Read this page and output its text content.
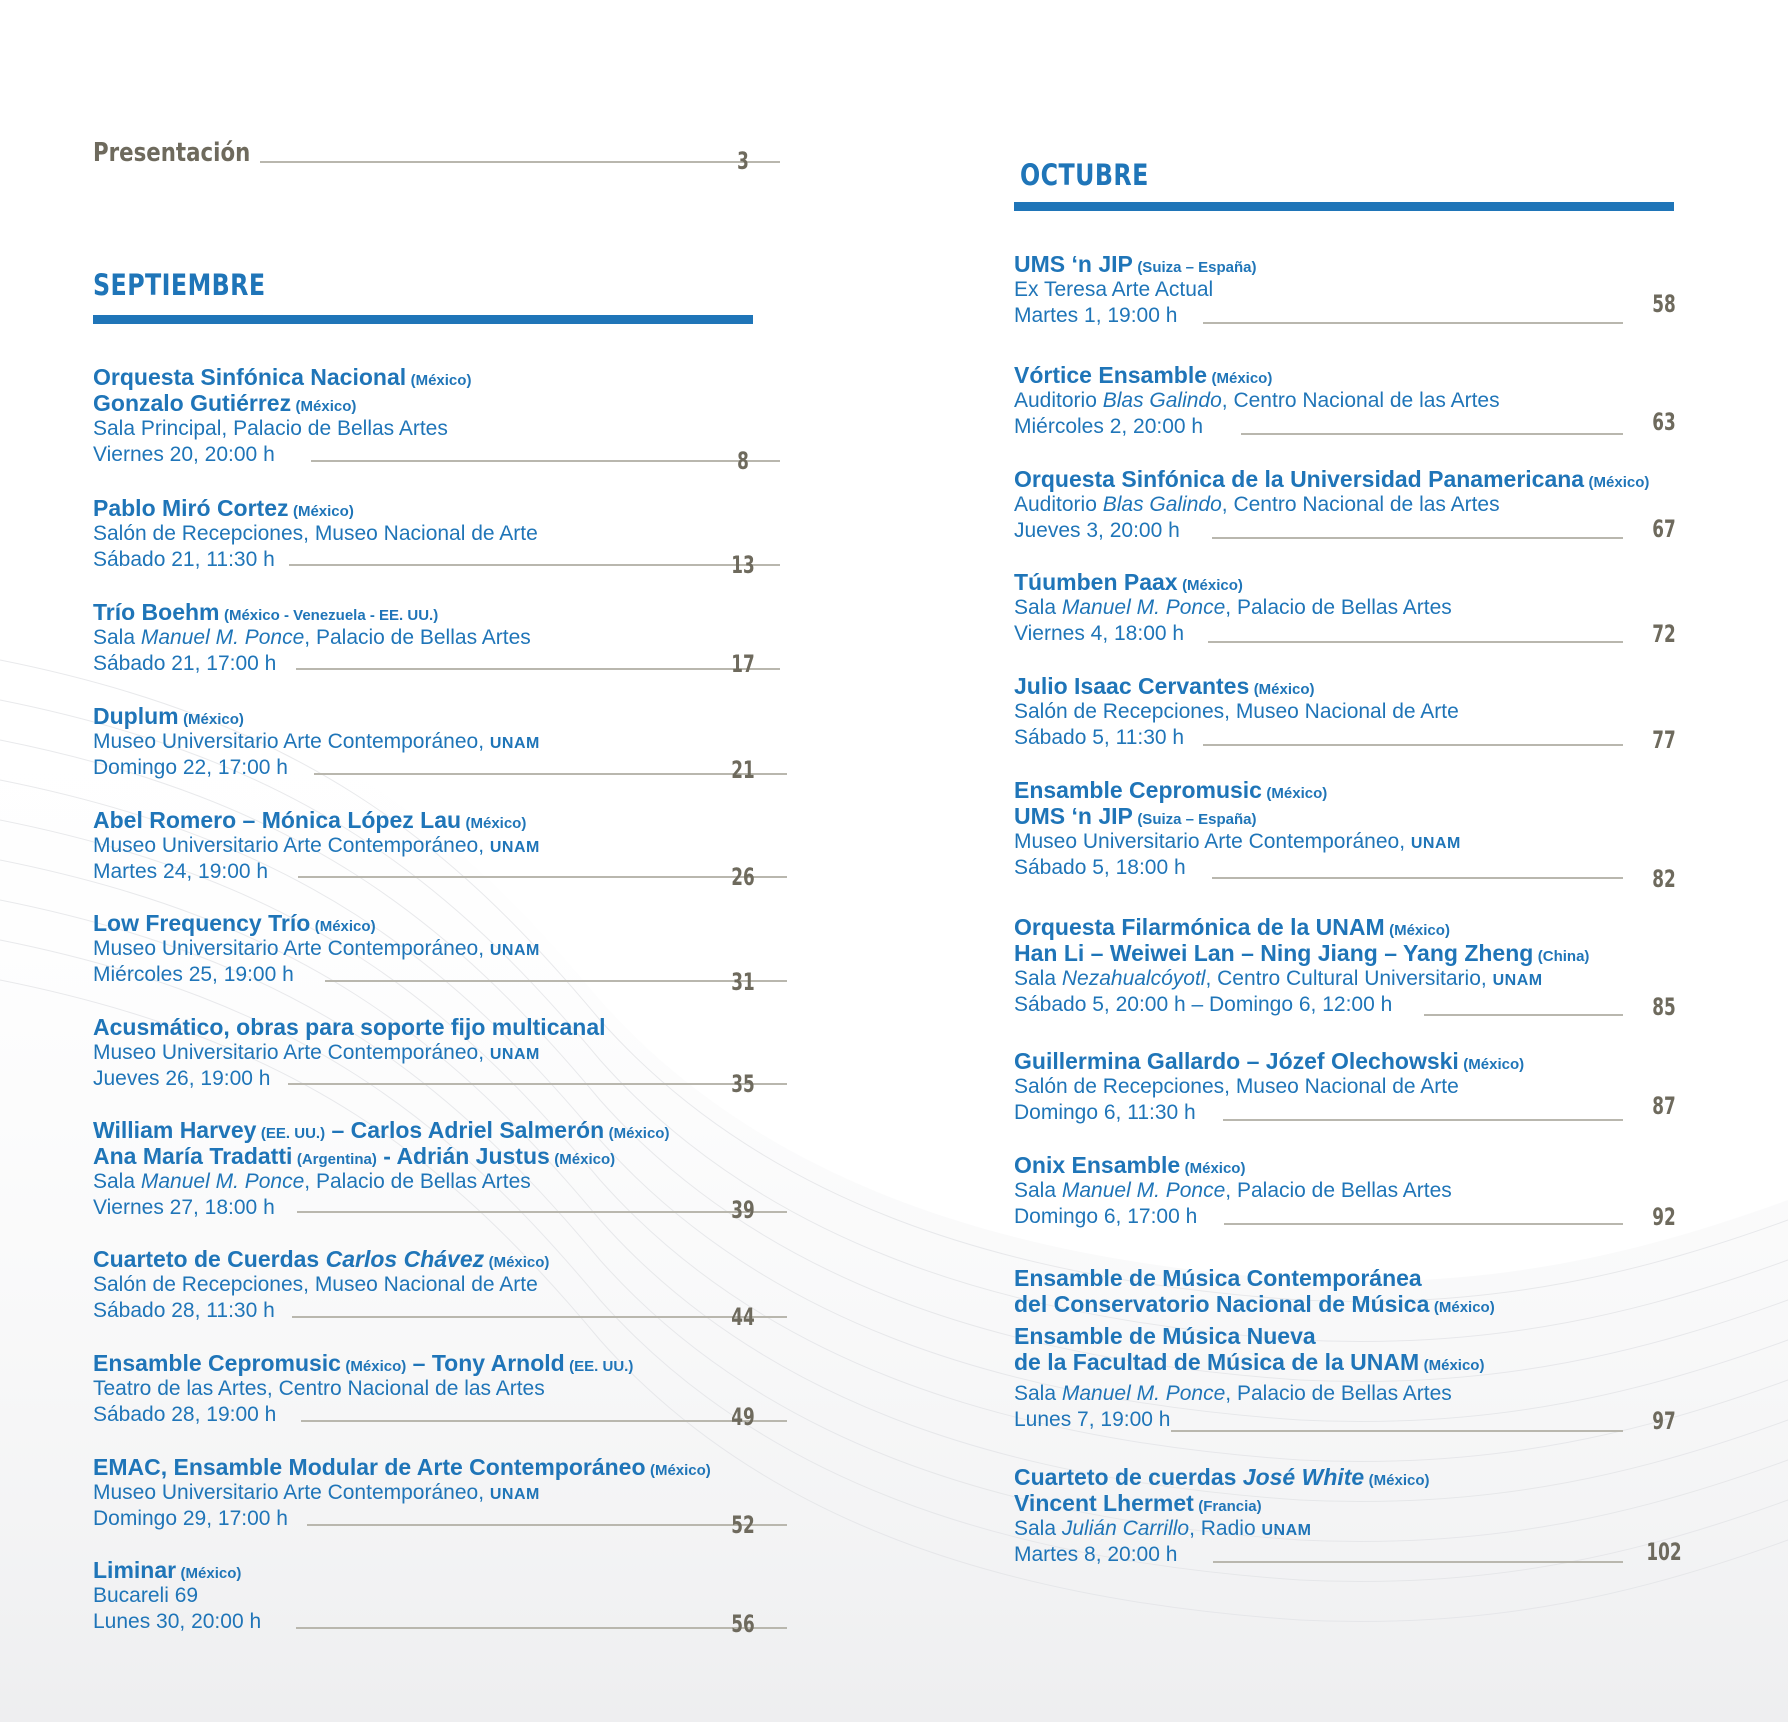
Presentación	3
SEPTIEMBRE
Orquesta Sinfónica Nacional (México)
Gonzalo Gutiérrez (México)
Sala Principal, Palacio de Bellas Artes
Viernes 20, 20:00 h	8
Pablo Miró Cortez (México)
Salón de Recepciones, Museo Nacional de Arte
Sábado 21, 11:30 h	13
Trío Boehm (México - Venezuela - EE. UU.)
Sala Manuel M. Ponce, Palacio de Bellas Artes
Sábado 21, 17:00 h	17
Duplum (México)
Museo Universitario Arte Contemporáneo, UNAM
Domingo 22, 17:00 h	21
Abel Romero – Mónica López Lau (México)
Museo Universitario Arte Contemporáneo, UNAM
Martes 24, 19:00 h	26
Low Frequency Trío (México)
Museo Universitario Arte Contemporáneo, UNAM
Miércoles 25, 19:00 h	31
Acusmático, obras para soporte fijo multicanal
Museo Universitario Arte Contemporáneo, UNAM
Jueves 26, 19:00 h	35
William Harvey (EE. UU.) – Carlos Adriel Salmerón (México)
Ana María Tradatti (Argentina) - Adrián Justus (México)
Sala Manuel M. Ponce, Palacio de Bellas Artes
Viernes 27, 18:00 h	39
Cuarteto de Cuerdas Carlos Chávez (México)
Salón de Recepciones, Museo Nacional de Arte
Sábado 28, 11:30 h	44
Ensamble Cepromusic (México) – Tony Arnold (EE. UU.)
Teatro de las Artes, Centro Nacional de las Artes
Sábado 28, 19:00 h	49
EMAC, Ensamble Modular de Arte Contemporáneo (México)
Museo Universitario Arte Contemporáneo, UNAM
Domingo 29, 17:00 h	52
Liminar (México)
Bucareli 69
Lunes 30, 20:00 h	56
OCTUBRE
UMS ‘n JIP (Suiza – España)
Ex Teresa Arte Actual
Martes 1, 19:00 h	58
Vórtice Ensamble (México)
Auditorio Blas Galindo, Centro Nacional de las Artes
Miércoles 2, 20:00 h	63
Orquesta Sinfónica de la Universidad Panamericana (México)
Auditorio Blas Galindo, Centro Nacional de las Artes
Jueves 3, 20:00 h	67
Túumben Paax (México)
Sala Manuel M. Ponce, Palacio de Bellas Artes
Viernes 4, 18:00 h	72
Julio Isaac Cervantes (México)
Salón de Recepciones, Museo Nacional de Arte
Sábado 5, 11:30 h	77
Ensamble Cepromusic (México)
UMS ‘n JIP (Suiza – España)
Museo Universitario Arte Contemporáneo, UNAM
Sábado 5, 18:00 h	82
Orquesta Filarmónica de la UNAM (México)
Han Li – Weiwei Lan – Ning Jiang – Yang Zheng (China)
Sala Nezahualcóyotl, Centro Cultural Universitario, UNAM
Sábado 5, 20:00 h – Domingo 6, 12:00 h	85
Guillermina Gallardo – Józef Olechowski (México)
Salón de Recepciones, Museo Nacional de Arte
Domingo 6, 11:30 h	87
Onix Ensamble (México)
Sala Manuel M. Ponce, Palacio de Bellas Artes
Domingo 6, 17:00 h	92
Ensamble de Música Contemporánea
del Conservatorio Nacional de Música (México)
Ensamble de Música Nueva
de la Facultad de Música de la UNAM (México)
Sala Manuel M. Ponce, Palacio de Bellas Artes
Lunes 7, 19:00 h	97
Cuarteto de cuerdas José White (México)
Vincent Lhermet (Francia)
Sala Julián Carrillo, Radio UNAM
Martes 8, 20:00 h	102
